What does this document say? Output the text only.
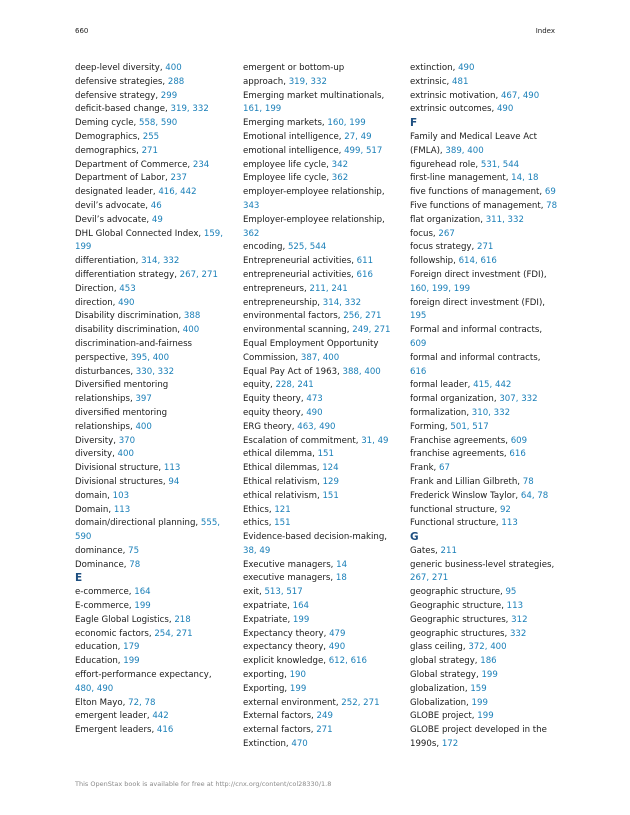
660	Index
deep-level diversity, 400
defensive strategies, 288
defensive strategy, 299
deficit-based change, 319, 332
Deming cycle, 558, 590
Demographics, 255
demographics, 271
Department of Commerce, 234
Department of Labor, 237
designated leader, 416, 442
devil’s advocate, 46
Devil’s advocate, 49
DHL Global Connected Index, 159,
199
differentiation, 314, 332
differentiation strategy, 267, 271
Direction, 453
direction, 490
Disability discrimination, 388
disability discrimination, 400
discrimination-and-fairness
perspective, 395, 400
disturbances, 330, 332
Diversified mentoring
relationships, 397
diversified mentoring
relationships, 400
Diversity, 370
diversity, 400
Divisional structure, 113
Divisional structures, 94
domain, 103
Domain, 113
domain/directional planning, 555,
590
dominance, 75
Dominance, 78
E
e-commerce, 164
E-commerce, 199
Eagle Global Logistics, 218
economic factors, 254, 271
education, 179
Education, 199
effort-performance expectancy,
480, 490
Elton Mayo, 72, 78
emergent leader, 442
Emergent leaders, 416
emergent or bottom-up
approach, 319, 332
Emerging market multinationals,
161, 199
Emerging markets, 160, 199
Emotional intelligence, 27, 49
emotional intelligence, 499, 517
employee life cycle, 342
Employee life cycle, 362
employer-employee relationship,
343
Employer-employee relationship,
362
encoding, 525, 544
Entrepreneurial activities, 611
entrepreneurial activities, 616
entrepreneurs, 211, 241
entrepreneurship, 314, 332
environmental factors, 256, 271
environmental scanning, 249, 271
Equal Employment Opportunity
Commission, 387, 400
Equal Pay Act of 1963, 388, 400
equity, 228, 241
Equity theory, 473
equity theory, 490
ERG theory, 463, 490
Escalation of commitment, 31, 49
ethical dilemma, 151
Ethical dilemmas, 124
Ethical relativism, 129
ethical relativism, 151
Ethics, 121
ethics, 151
Evidence-based decision-making,
38, 49
Executive managers, 14
executive managers, 18
exit, 513, 517
expatriate, 164
Expatriate, 199
Expectancy theory, 479
expectancy theory, 490
explicit knowledge, 612, 616
exporting, 190
Exporting, 199
external environment, 252, 271
External factors, 249
external factors, 271
Extinction, 470
extinction, 490
extrinsic, 481
extrinsic motivation, 467, 490
extrinsic outcomes, 490
F
Family and Medical Leave Act
(FMLA), 389, 400
figurehead role, 531, 544
first-line management, 14, 18
five functions of management, 69
Five functions of management, 78
flat organization, 311, 332
focus, 267
focus strategy, 271
followship, 614, 616
Foreign direct investment (FDI),
160, 199, 199
foreign direct investment (FDI),
195
Formal and informal contracts,
609
formal and informal contracts,
616
formal leader, 415, 442
formal organization, 307, 332
formalization, 310, 332
Forming, 501, 517
Franchise agreements, 609
franchise agreements, 616
Frank, 67
Frank and Lillian Gilbreth, 78
Frederick Winslow Taylor, 64, 78
functional structure, 92
Functional structure, 113
G
Gates, 211
generic business-level strategies,
267, 271
geographic structure, 95
Geographic structure, 113
Geographic structures, 312
geographic structures, 332
glass ceiling, 372, 400
global strategy, 186
Global strategy, 199
globalization, 159
Globalization, 199
GLOBE project, 199
GLOBE project developed in the
1990s, 172
This OpenStax book is available for free at http://cnx.org/content/col28330/1.8
